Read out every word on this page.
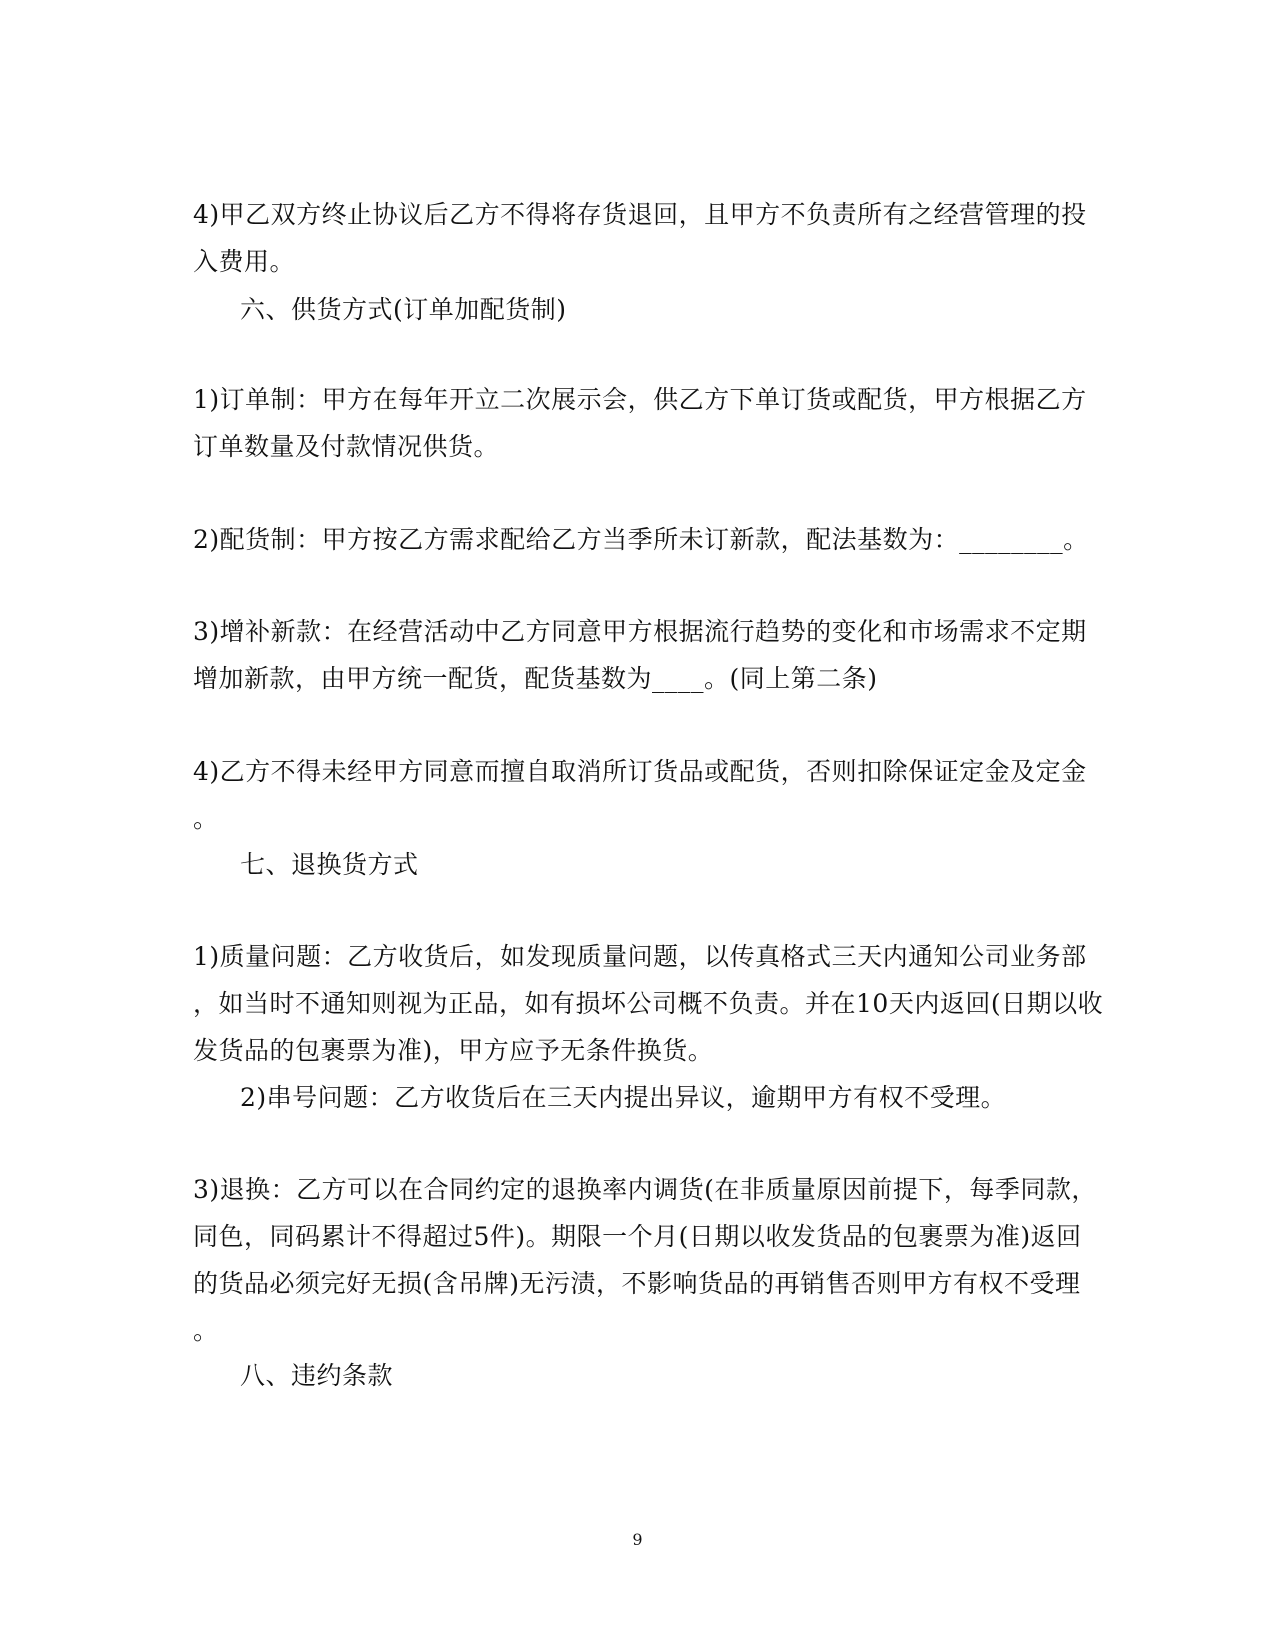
4)甲乙双方终止协议后乙方不得将存货退回，且甲方不负责所有之经营管理的投
入费用。
六、供货方式(订单加配货制)
1)订单制：甲方在每年开立二次展示会，供乙方下单订货或配货，甲方根据乙方
订单数量及付款情况供货。
2)配货制：甲方按乙方需求配给乙方当季所未订新款，配法基数为：________。
3)增补新款：在经营活动中乙方同意甲方根据流行趋势的变化和市场需求不定期
增加新款，由甲方统一配货，配货基数为____。(同上第二条)
4)乙方不得未经甲方同意而擅自取消所订货品或配货，否则扣除保证定金及定金
。
七、退换货方式
1)质量问题：乙方收货后，如发现质量问题，以传真格式三天内通知公司业务部
，如当时不通知则视为正品，如有损坏公司概不负责。并在10天内返回(日期以收
发货品的包裹票为准)，甲方应予无条件换货。
2)串号问题：乙方收货后在三天内提出异议，逾期甲方有权不受理。
3)退换：乙方可以在合同约定的退换率内调货(在非质量原因前提下，每季同款，
同色，同码累计不得超过5件)。期限一个月(日期以收发货品的包裹票为准)返回
的货品必须完好无损(含吊牌)无污渍，不影响货品的再销售否则甲方有权不受理
。
八、违约条款
9
